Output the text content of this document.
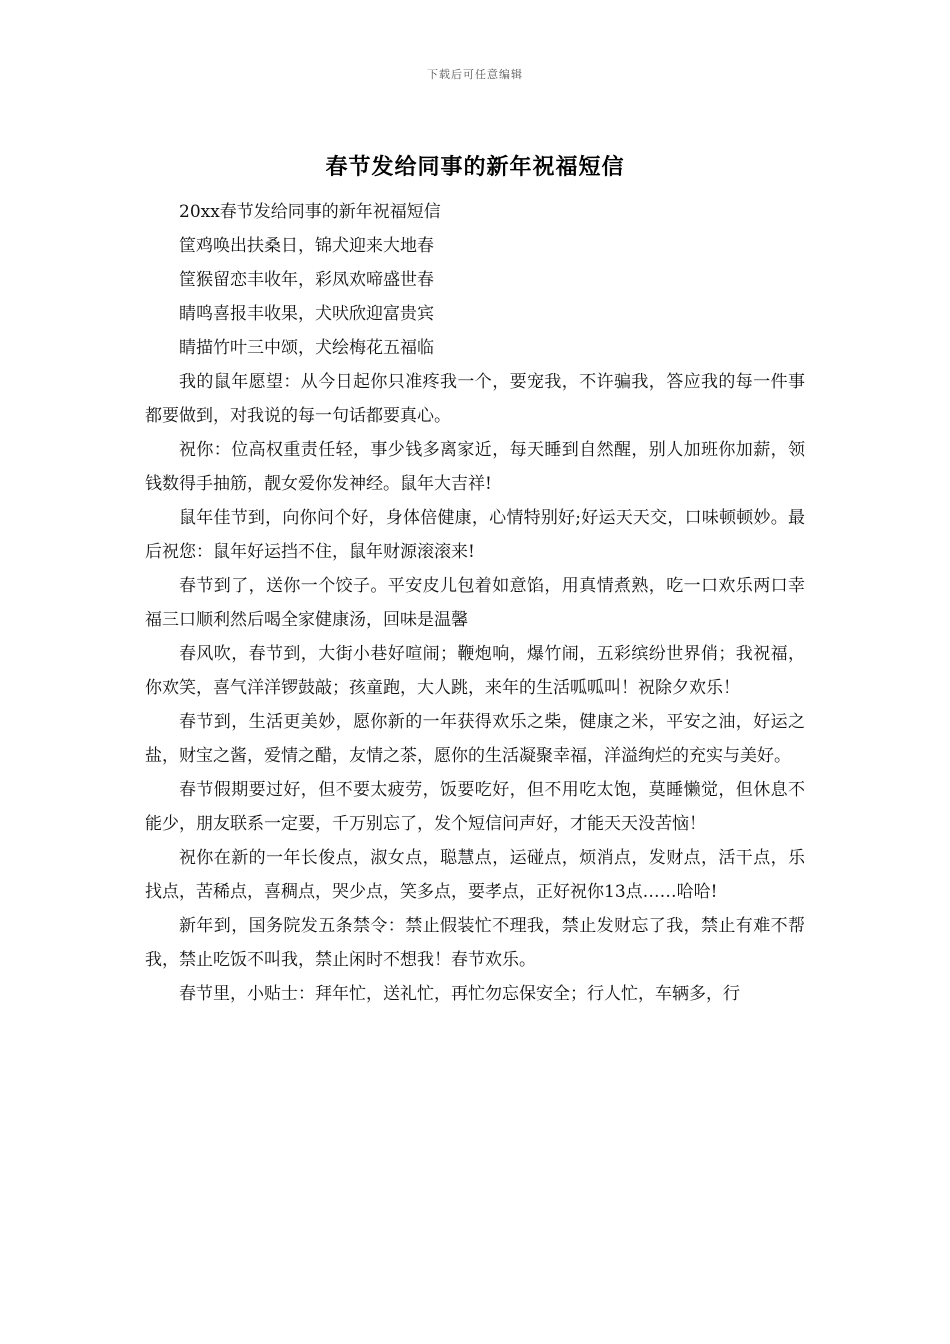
下载后可任意编辑
春节发给同事的新年祝福短信

20xx春节发给同事的新年祝福短信

筐鸡唤出扶桑日，锦犬迎来大地春

筐猴留恋丰收年，彩凤欢啼盛世春

睛鸣喜报丰收果，犬吠欣迎富贵宾

睛描竹叶三中颂，犬绘梅花五福临

我的鼠年愿望：从今日起你只准疼我一个，要宠我，不许骗我，答应我的每一件事都要做到，对我说的每一句话都要真心。

祝你：位高权重责任轻，事少钱多离家近，每天睡到自然醒，别人加班你加薪，领钱数得手抽筋，靓女爱你发神经。鼠年大吉祥!

鼠年佳节到，向你问个好，身体倍健康，心情特别好;好运天天交，口味顿顿妙。最后祝您：鼠年好运挡不住，鼠年财源滚滚来!

春节到了，送你一个饺子。平安皮儿包着如意馅，用真情煮熟，吃一口欢乐两口幸福三口顺利然后喝全家健康汤，回味是温馨

春风吹，春节到，大街小巷好喧闹；鞭炮响，爆竹闹，五彩缤纷世界俏；我祝福，你欢笑，喜气洋洋锣鼓敲；孩童跑，大人跳，来年的生活呱呱叫！祝除夕欢乐！

春节到，生活更美妙，愿你新的一年获得欢乐之柴，健康之米，平安之油，好运之盐，财宝之酱，爱情之醋，友情之茶，愿你的生活凝聚幸福，洋溢绚烂的充实与美好。

春节假期要过好，但不要太疲劳，饭要吃好，但不用吃太饱，莫睡懒觉，但休息不能少，朋友联系一定要，千万别忘了，发个短信问声好，才能天天没苦恼！

祝你在新的一年长俊点，淑女点，聪慧点，运碰点，烦消点，发财点，活干点，乐找点，苦稀点，喜稠点，哭少点，笑多点，要孝点，正好祝你13点……哈哈!

新年到，国务院发五条禁令：禁止假装忙不理我，禁止发财忘了我，禁止有难不帮我，禁止吃饭不叫我，禁止闲时不想我！春节欢乐。

春节里，小贴士：拜年忙，送礼忙，再忙勿忘保安全；行人忙，车辆多，行
